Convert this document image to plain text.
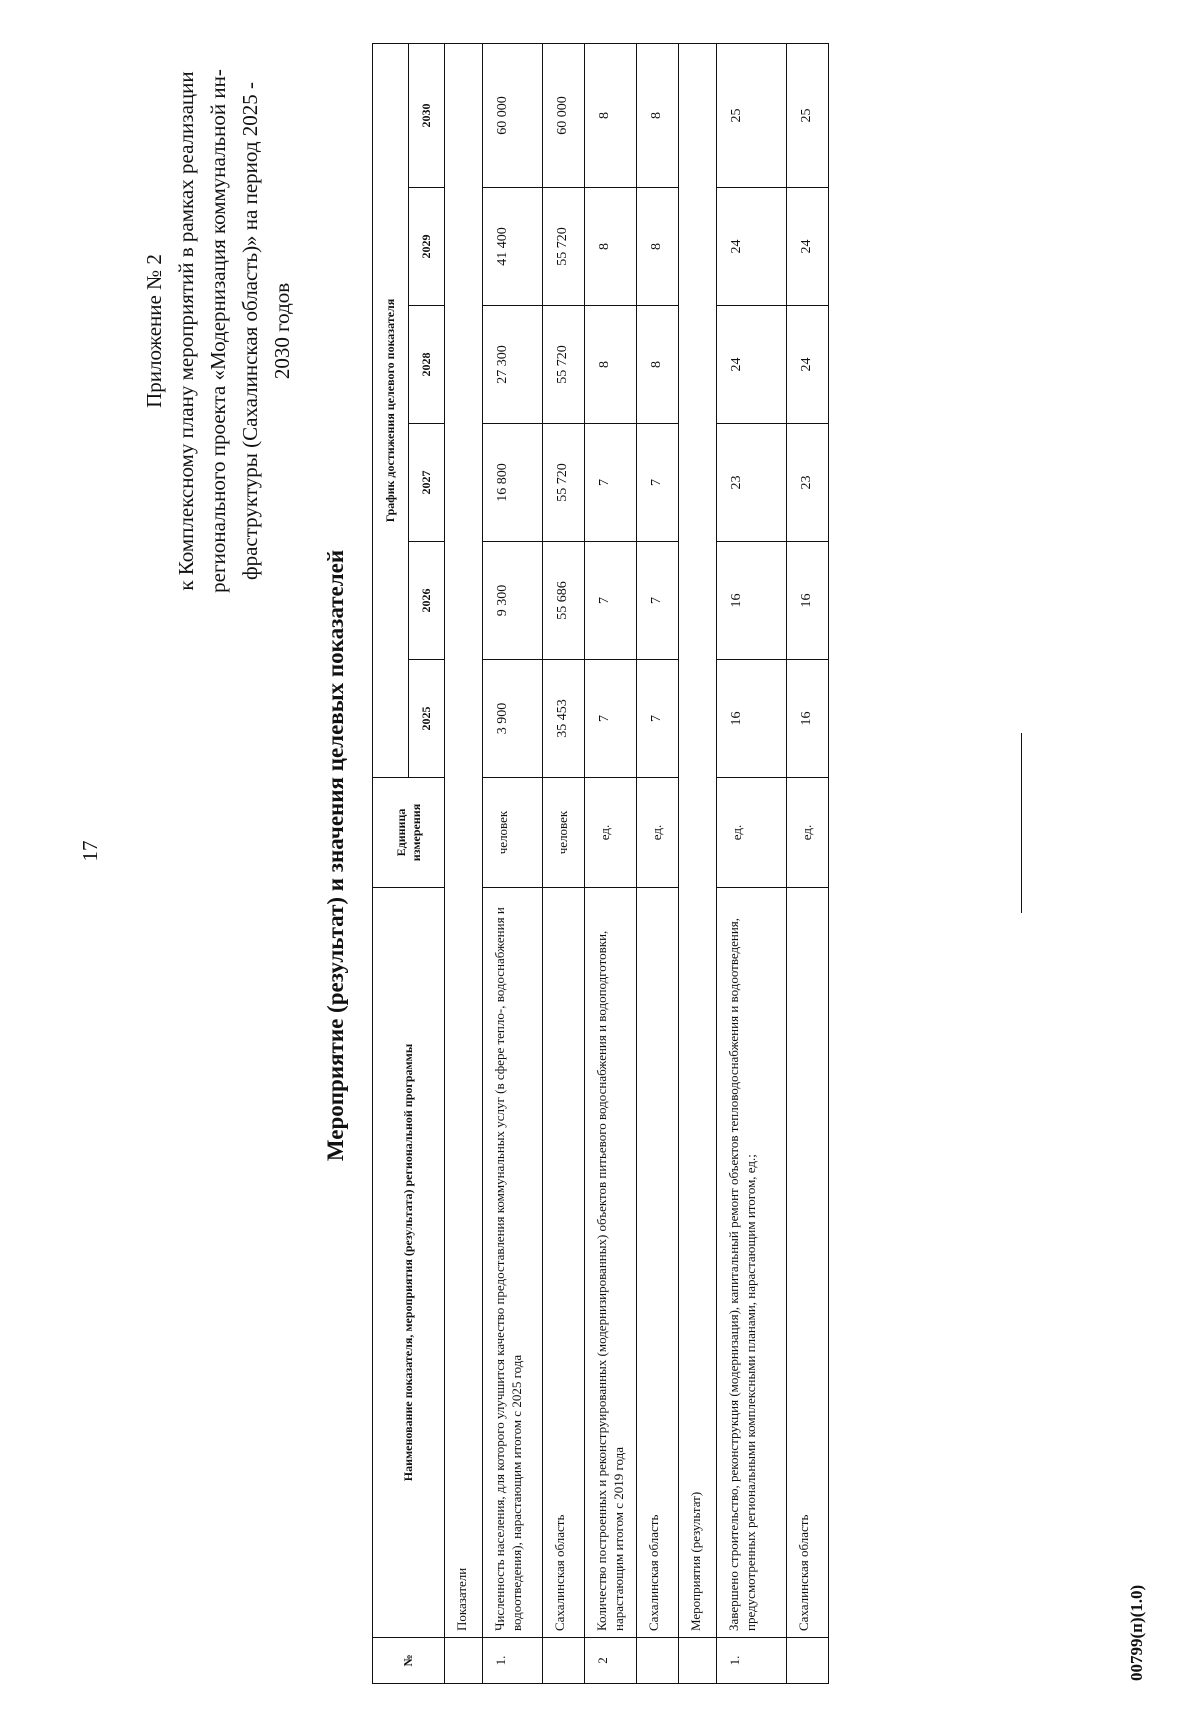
17
Приложение № 2 к Комплексному плану мероприятий в рамках реализации регионального проекта «Модернизация коммунальной ин- фраструктуры (Сахалинская область)» на период 2025 - 2030 годов
Мероприятие (результат) и значения целевых показателей
№	Наименование показателя, мероприятия (результата) региональной программы	Единица измерения	График достижения целевого показателя					
			2025	2026	2027	2028	2029	2030
	Показатели							
1.	Численность населения, для которого улучшится качество предоставления коммунальных услуг (в сфере тепло-, водоснабжения и водоотведения), нарастающим итогом с 2025 года	человек	3 900	9 300	16 800	27 300	41 400	60 000
	Сахалинская область	человек	35 453	55 686	55 720	55 720	55 720	60 000
2	Количество построенных и реконструированных (модернизированных) объектов питьевого водоснабжения и водоподготовки, нарастающим итогом с 2019 года	ед.	7	7	7	8	8	8
	Сахалинская область	ед.	7	7	7	8	8	8
	Мероприятия (результат)							
1.	Завершено строительство, реконструкция (модернизация), капитальный ремонт объектов тепловодоснабжения и водоотведения, предусмотренных региональными комплексными планами, нарастающим итогом, ед.;	ед.	16	16	23	24	24	25
	Сахалинская область	ед.	16	16	23	24	24	25
00799(п)(1.0)
